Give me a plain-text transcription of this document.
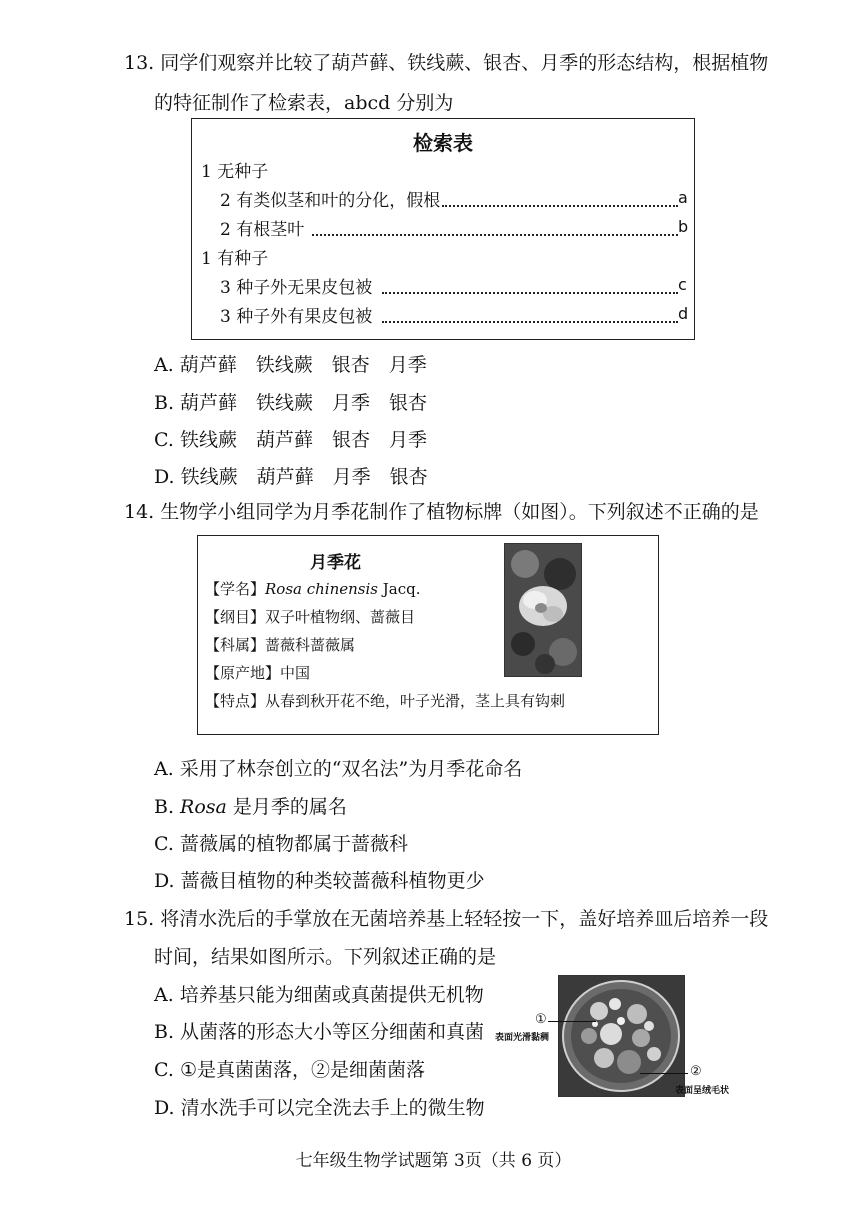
13. 同学们观察并比较了葫芦藓、铁线蕨、银杏、月季的形态结构，根据植物
的特征制作了检索表，abcd 分别为
检索表
1 无种子
2 有类似茎和叶的分化，假根	a
2 有根茎叶	b
1 有种子
3 种子外无果皮包被	c
3 种子外有果皮包被	d
A. 葫芦藓　铁线蕨　银杏　月季
B. 葫芦藓　铁线蕨　月季　银杏
C. 铁线蕨　葫芦藓　银杏　月季
D. 铁线蕨　葫芦藓　月季　银杏
14. 生物学小组同学为月季花制作了植物标牌（如图）。下列叙述不正确的是
月季花
【学名】Rosa chinensis Jacq.
【纲目】双子叶植物纲、蔷薇目
【科属】蔷薇科蔷薇属
【原产地】中国
【特点】从春到秋开花不绝，叶子光滑，茎上具有钩刺
A. 采用了林奈创立的“双名法”为月季花命名
B. Rosa 是月季的属名
C. 蔷薇属的植物都属于蔷薇科
D. 蔷薇目植物的种类较蔷薇科植物更少
15. 将清水洗后的手掌放在无菌培养基上轻轻按一下，盖好培养皿后培养一段
时间，结果如图所示。下列叙述正确的是
A. 培养基只能为细菌或真菌提供无机物
B. 从菌落的形态大小等区分细菌和真菌
C. ①是真菌菌落，②是细菌菌落
D. 清水洗手可以完全洗去手上的微生物
①
表面光滑黏稠
②
表面呈绒毛状
七年级生物学试题第 3页（共 6 页）
